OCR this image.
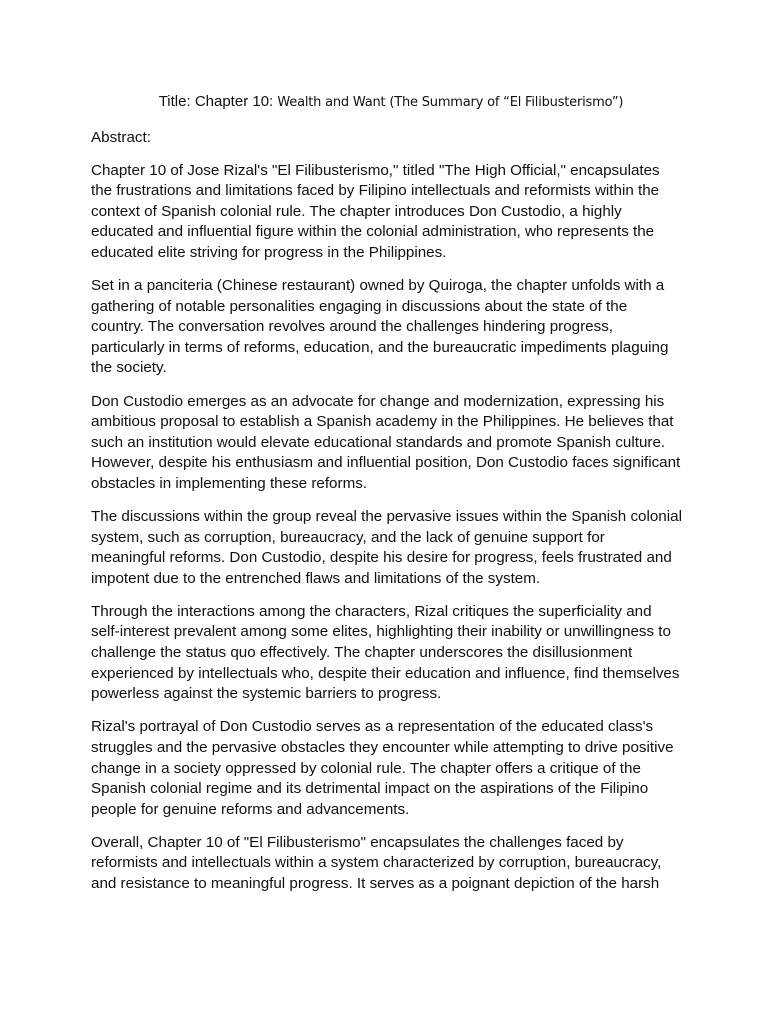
Title: Chapter 10: Wealth and Want (The Summary of “El Filibusterismo”)
Abstract:
Chapter 10 of Jose Rizal's "El Filibusterismo," titled "The High Official," encapsulates
the frustrations and limitations faced by Filipino intellectuals and reformists within the
context of Spanish colonial rule. The chapter introduces Don Custodio, a highly
educated and influential figure within the colonial administration, who represents the
educated elite striving for progress in the Philippines.
Set in a panciteria (Chinese restaurant) owned by Quiroga, the chapter unfolds with a
gathering of notable personalities engaging in discussions about the state of the
country. The conversation revolves around the challenges hindering progress,
particularly in terms of reforms, education, and the bureaucratic impediments plaguing
the society.
Don Custodio emerges as an advocate for change and modernization, expressing his
ambitious proposal to establish a Spanish academy in the Philippines. He believes that
such an institution would elevate educational standards and promote Spanish culture.
However, despite his enthusiasm and influential position, Don Custodio faces significant
obstacles in implementing these reforms.
The discussions within the group reveal the pervasive issues within the Spanish colonial
system, such as corruption, bureaucracy, and the lack of genuine support for
meaningful reforms. Don Custodio, despite his desire for progress, feels frustrated and
impotent due to the entrenched flaws and limitations of the system.
Through the interactions among the characters, Rizal critiques the superficiality and
self-interest prevalent among some elites, highlighting their inability or unwillingness to
challenge the status quo effectively. The chapter underscores the disillusionment
experienced by intellectuals who, despite their education and influence, find themselves
powerless against the systemic barriers to progress.
Rizal's portrayal of Don Custodio serves as a representation of the educated class's
struggles and the pervasive obstacles they encounter while attempting to drive positive
change in a society oppressed by colonial rule. The chapter offers a critique of the
Spanish colonial regime and its detrimental impact on the aspirations of the Filipino
people for genuine reforms and advancements.
Overall, Chapter 10 of "El Filibusterismo" encapsulates the challenges faced by
reformists and intellectuals within a system characterized by corruption, bureaucracy,
and resistance to meaningful progress. It serves as a poignant depiction of the harsh
